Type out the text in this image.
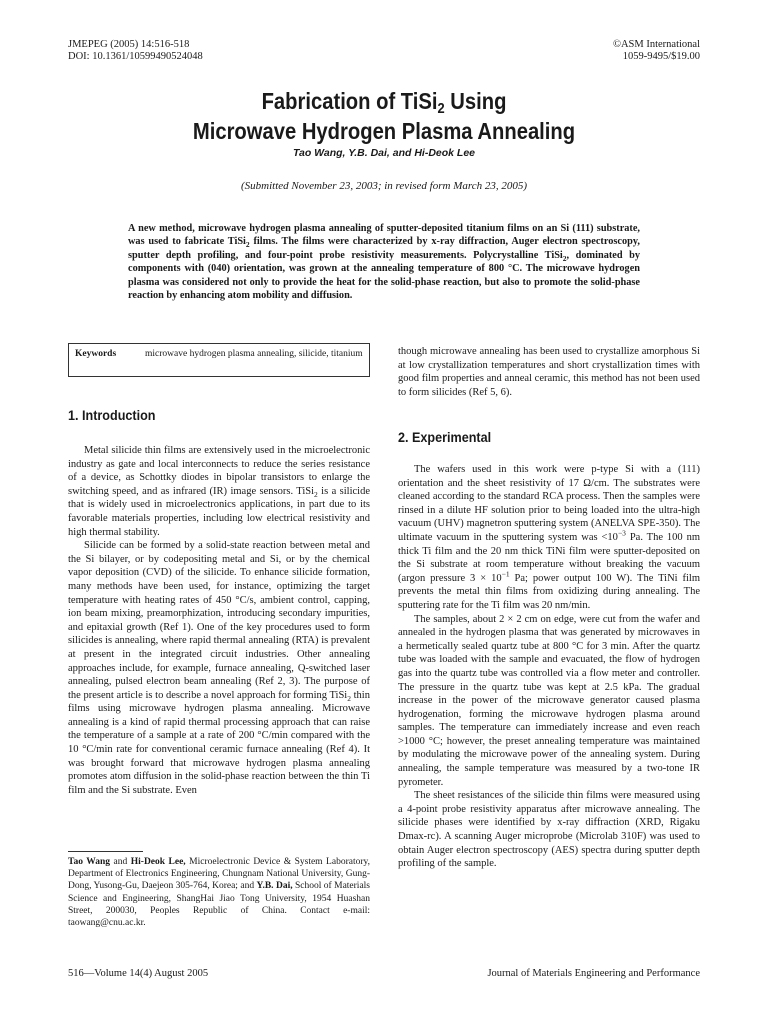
JMEPEG (2005) 14:516-518
DOI: 10.1361/10599490524048
©ASM International
1059-9495/$19.00
Fabrication of TiSi$_2$ Using
Microwave Hydrogen Plasma Annealing
Tao Wang, Y.B. Dai, and Hi-Deok Lee
(Submitted November 23, 2003; in revised form March 23, 2005)
A new method, microwave hydrogen plasma annealing of sputter-deposited titanium films on an Si (111) substrate, was used to fabricate TiSi$_2$ films. The films were characterized by x-ray diffraction, Auger electron spectroscopy, sputter depth profiling, and four-point probe resistivity measurements. Polycrystalline TiSi$_2$, dominated by components with (040) orientation, was grown at the annealing temperature of 800 °C. The microwave hydrogen plasma was considered not only to provide the heat for the solid-phase reaction, but also to promote the solid-phase reaction by enhancing atom mobility and diffusion.
Keywords	microwave hydrogen plasma annealing, silicide, titanium
1. Introduction
2. Experimental

Metal silicide thin films are extensively used in the microelectronic industry as gate and local interconnects to reduce the series resistance of a device, as Schottky diodes in bipolar transistors to enlarge the switching speed, and as infrared (IR) image sensors. TiSi$_2$ is a silicide that is widely used in microelectronics applications, in part due to its favorable materials properties, including low electrical resistivity and high thermal stability.

Silicide can be formed by a solid-state reaction between metal and the Si bilayer, or by codepositing metal and Si, or by the chemical vapor deposition (CVD) of the silicide. To enhance silicide formation, many methods have been used, for instance, optimizing the target temperature with heating rates of 450 °C/s, ambient control, capping, ion beam mixing, preamorphization, introducing secondary impurities, and epitaxial growth (Ref 1). One of the key procedures used to form silicides is annealing, where rapid thermal annealing (RTA) is prevalent at present in the integrated circuit industries. Other annealing approaches include, for example, furnace annealing, Q-switched laser annealing, pulsed electron beam annealing (Ref 2, 3). The purpose of the present article is to describe a novel approach for forming TiSi$_2$ thin films using microwave hydrogen plasma annealing. Microwave annealing is a kind of rapid thermal processing approach that can raise the temperature of a sample at a rate of 200 °C/min compared with the 10 °C/min rate for conventional ceramic furnace annealing (Ref 4). It was brought forward that microwave hydrogen plasma annealing promotes atom diffusion in the solid-phase reaction between the thin Ti film and the Si substrate. Even

though microwave annealing has been used to crystallize amorphous Si at low crystallization temperatures and short crystallization times with good film properties and anneal ceramic, this method has not been used to form silicides (Ref 5, 6).

The wafers used in this work were p-type Si with a (111) orientation and the sheet resistivity of 17 Ω/cm. The substrates were cleaned according to the standard RCA process. Then the samples were rinsed in a dilute HF solution prior to being loaded into the ultra-high vacuum (UHV) magnetron sputtering system (ANELVA SPE-350). The ultimate vacuum in the sputtering system was $<10^{-3}$ Pa. The 100 nm thick Ti film and the 20 nm thick TiNi film were sputter-deposited on the Si substrate at room temperature without breaking the vacuum (argon pressure $3 \times 10^{-1}$ Pa; power output 100 W). The TiNi film prevents the metal thin films from oxidizing during annealing. The sputtering rate for the Ti film was 20 nm/min.

The samples, about 2 × 2 cm on edge, were cut from the wafer and annealed in the hydrogen plasma that was generated by microwaves in a hermetically sealed quartz tube at 800 °C for 3 min. After the quartz tube was loaded with the sample and evacuated, the flow of hydrogen gas into the quartz tube was controlled via a flow meter and controller. The pressure in the quartz tube was kept at 2.5 kPa. The gradual increase in the power of the microwave generator caused plasma hydrogenation, forming the microwave hydrogen plasma around samples. The temperature can immediately increase and even reach >1000 °C; however, the preset annealing temperature was maintained by modulating the microwave power of the annealing system. During annealing, the sample temperature was measured by a two-tone IR pyrometer.

The sheet resistances of the silicide thin films were measured using a 4-point probe resistivity apparatus after microwave annealing. The silicide phases were identified by x-ray diffraction (XRD, Rigaku Dmax-rc). A scanning Auger microprobe (Microlab 310F) was used to obtain Auger electron spectroscopy (AES) spectra during sputter depth profiling of the sample.

Tao Wang and Hi-Deok Lee, Microelectronic Device & System Laboratory, Department of Electronics Engineering, Chungnam National University, Gung-Dong, Yusong-Gu, Daejeon 305-764, Korea; and Y.B. Dai, School of Materials Science and Engineering, ShangHai Jiao Tong University, 1954 Huashan Street, 200030, Peoples Republic of China. Contact e-mail: taowang@cnu.ac.kr.
516—Volume 14(4) August 2005	Journal of Materials Engineering and Performance
